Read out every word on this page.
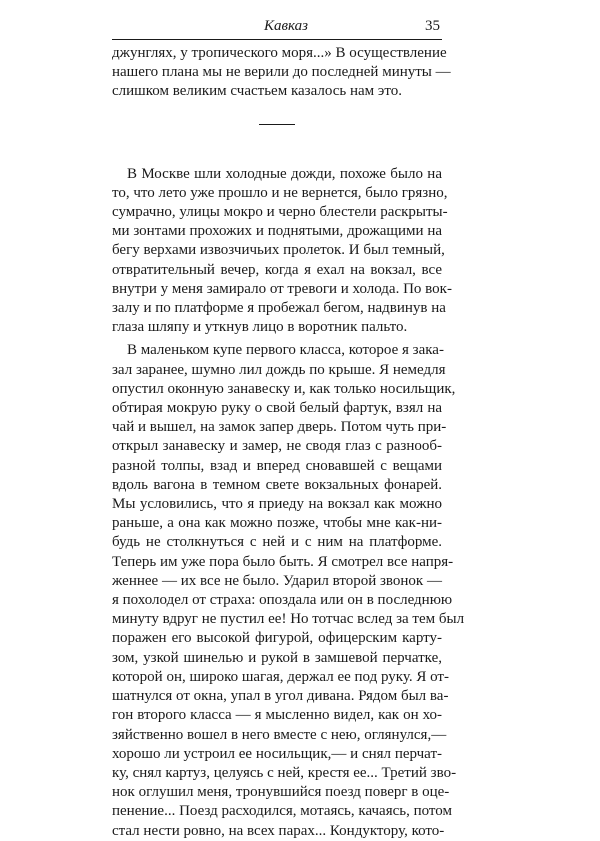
Кавказ	35
джунглях, у тропического моря...» В осуществление
нашего плана мы не верили до последней минуты —
слишком великим счастьем казалось нам это.
В Москве шли холодные дожди, похоже было на
то, что лето уже прошло и не вернется, было грязно,
сумрачно, улицы мокро и черно блестели раскрыты-
ми зонтами прохожих и поднятыми, дрожащими на
бегу верхами извозчичьих пролеток. И был темный,
отвратительный вечер, когда я ехал на вокзал, все
внутри у меня замирало от тревоги и холода. По вок-
залу и по платформе я пробежал бегом, надвинув на
глаза шляпу и уткнув лицо в воротник пальто.
В маленьком купе первого класса, которое я зака-
зал заранее, шумно лил дождь по крыше. Я немедля
опустил оконную занавеску и, как только носильщик,
обтирая мокрую руку о свой белый фартук, взял на
чай и вышел, на замок запер дверь. Потом чуть при-
открыл занавеску и замер, не сводя глаз с разнооб-
разной толпы, взад и вперед сновавшей с вещами
вдоль вагона в темном свете вокзальных фонарей.
Мы условились, что я приеду на вокзал как можно
раньше, а она как можно позже, чтобы мне как-ни-
будь не столкнуться с ней и с ним на платформе.
Теперь им уже пора было быть. Я смотрел все напря-
женнее — их все не было. Ударил второй звонок —
я похолодел от страха: опоздала или он в последнюю
минуту вдруг не пустил ее! Но тотчас вслед за тем был
поражен его высокой фигурой, офицерским карту-
зом, узкой шинелью и рукой в замшевой перчатке,
которой он, широко шагая, держал ее под руку. Я от-
шатнулся от окна, упал в угол дивана. Рядом был ва-
гон второго класса — я мысленно видел, как он хо-
зяйственно вошел в него вместе с нею, оглянулся,—
хорошо ли устроил ее носильщик,— и снял перчат-
ку, снял картуз, целуясь с ней, крестя ее... Третий зво-
нок оглушил меня, тронувшийся поезд поверг в оце-
пенение... Поезд расходился, мотаясь, качаясь, потом
стал нести ровно, на всех парах... Кондуктору, кото-
